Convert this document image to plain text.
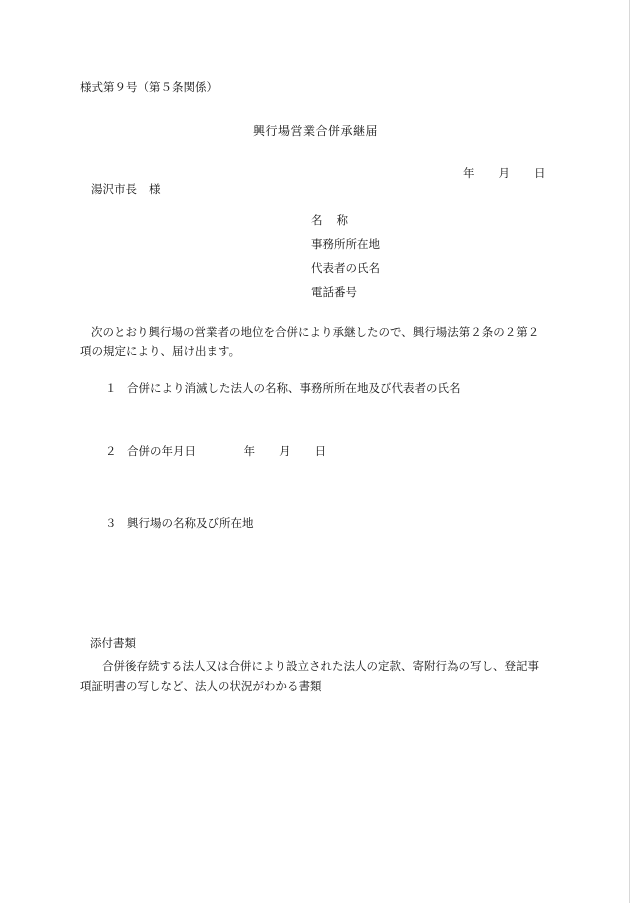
様式第９号（第５条関係）
興行場営業合併承継届
年 月 日
湯沢市長 様
名 称
事務所所在地
代表者の氏名
電話番号
次のとおり興行場の営業者の地位を合併により承継したので、興行場法第２条の２第２項の規定により、届け出ます。
１ 合併により消滅した法人の名称、事務所所在地及び代表者の氏名
２ 合併の年月日	年 月 日
３ 興行場の名称及び所在地
添付書類
合併後存続する法人又は合併により設立された法人の定款、寄附行為の写し、登記事項証明書の写しなど、法人の状況がわかる書類
